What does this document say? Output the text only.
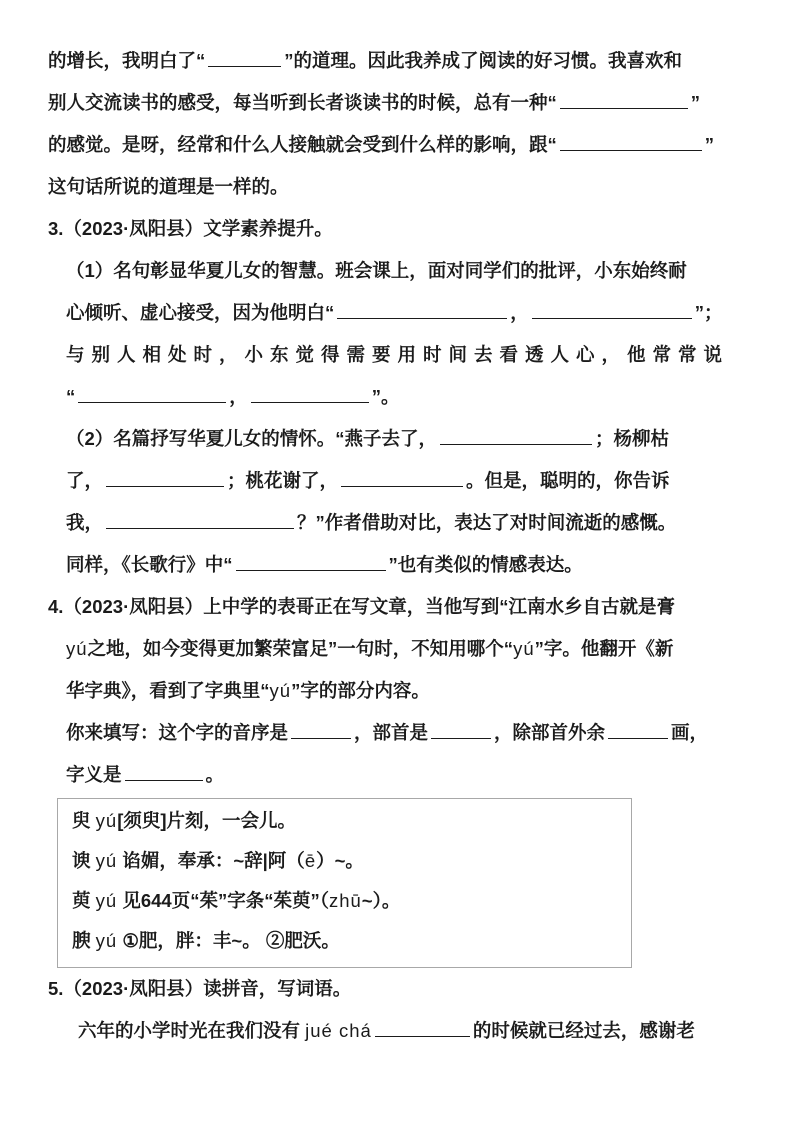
的增长，我明白了“	”的道理。因此我养成了阅读的好习惯。我喜欢和
别人交流读书的感受，每当听到长者谈读书的时候，总有一种“	”
的感觉。是呀，经常和什么人接触就会受到什么样的影响，跟“	”
这句话所说的道理是一样的。
3.（2023·凤阳县）文学素养提升。
（1）名句彰显华夏儿女的智慧。班会课上，面对同学们的批评，小东始终耐
心倾听、虚心接受，因为他明白“	，	”；
与别人相处时，小东觉得需要用时间去看透人心，他常常说
“	，	”。
（2）名篇抒写华夏儿女的情怀。“燕子去了，	；杨柳枯
了，	；桃花谢了，	。但是，聪明的，你告诉
我，	？”作者借助对比，表达了对时间流逝的感慨。
同样，《长歌行》中“	”也有类似的情感表达。
4.（2023·凤阳县）上中学的表哥正在写文章，当他写到“江南水乡自古就是膏
yú之地，如今变得更加繁荣富足”一句时，不知用哪个“yú”字。他翻开《新
华字典》，看到了字典里“yú”字的部分内容。
你来填写：这个字的音序是	，部首是	，除部首外余	画，
字义是	。
臾 yú[须臾]片刻，一会儿。
谀 yú 谄媚，奉承：~辞|阿（ē）~。
萸 yú 见644页“茱”字条“茱萸”（zhū~）。
腴 yú ①肥，胖：丰~。 ②肥沃。
5.（2023·凤阳县）读拼音，写词语。
六年的小学时光在我们没有 jué chá	的时候就已经过去，感谢老
